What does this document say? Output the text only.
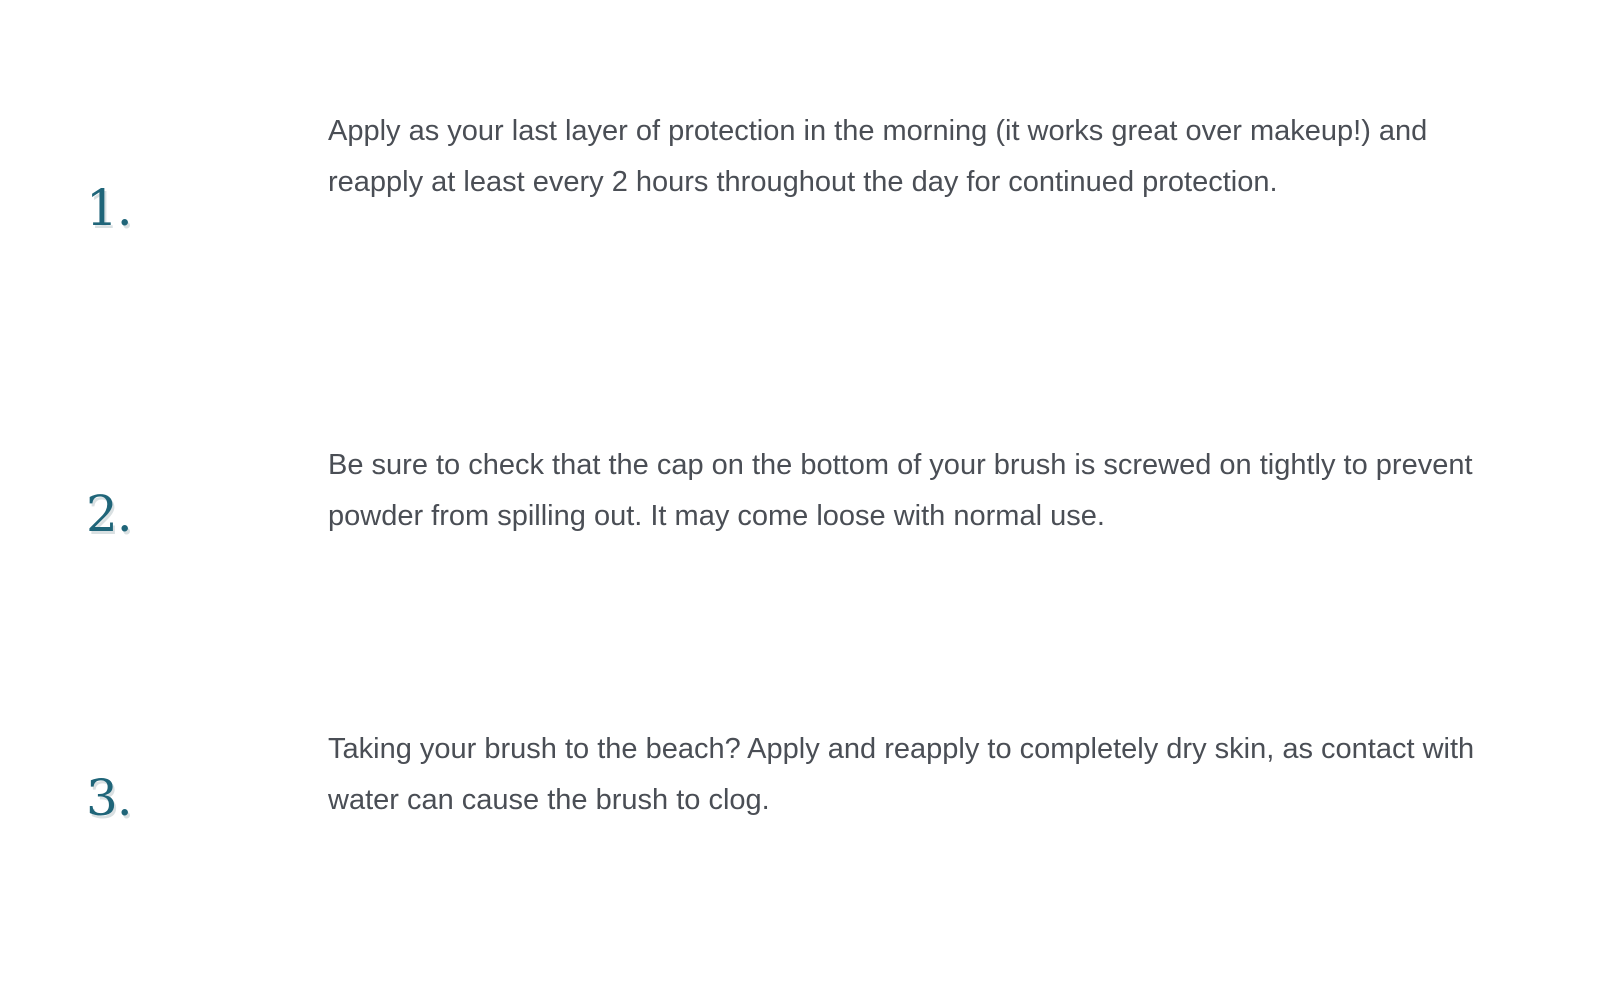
1.

Apply as your last layer of protection in the morning (it works great over makeup!) and reapply at least every 2 hours throughout the day for continued protection.

2.

Be sure to check that the cap on the bottom of your brush is screwed on tightly to prevent powder from spilling out. It may come loose with normal use.

3.

Taking your brush to the beach? Apply and reapply to completely dry skin, as contact with water can cause the brush to clog.
